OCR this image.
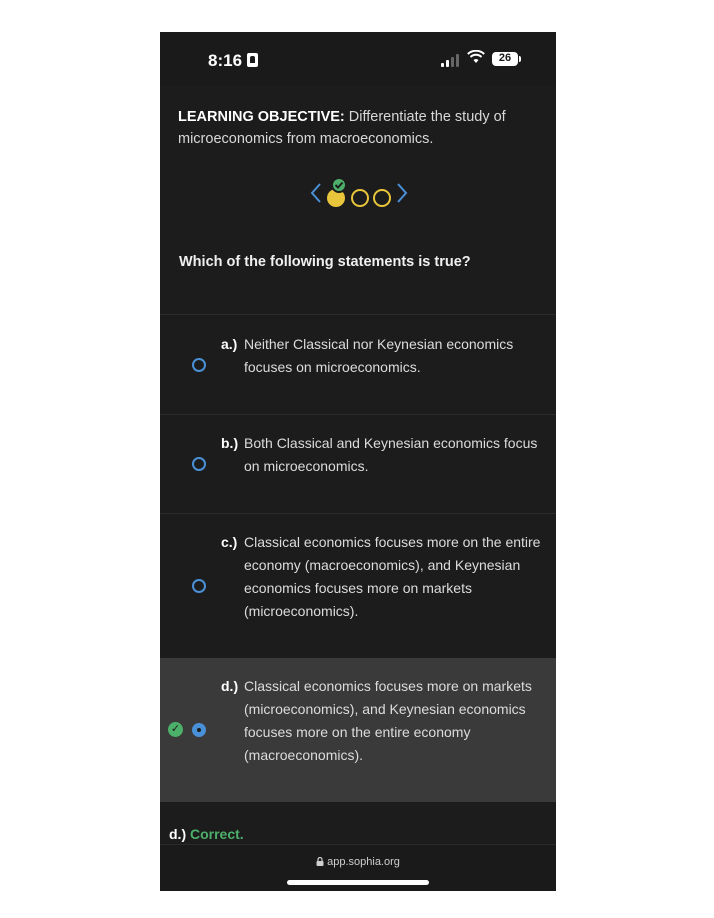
8:16	26
LEARNING OBJECTIVE: Differentiate the study of microeconomics from macroeconomics.
Which of the following statements is true?
a.) Neither Classical nor Keynesian economics focuses on microeconomics.
b.) Both Classical and Keynesian economics focus on microeconomics.
c.) Classical economics focuses more on the entire economy (macroeconomics), and Keynesian economics focuses more on markets (microeconomics).
✓
d.) Classical economics focuses more on markets (microeconomics), and Keynesian economics focuses more on the entire economy (macroeconomics).
d.) Correct.
app.sophia.org
